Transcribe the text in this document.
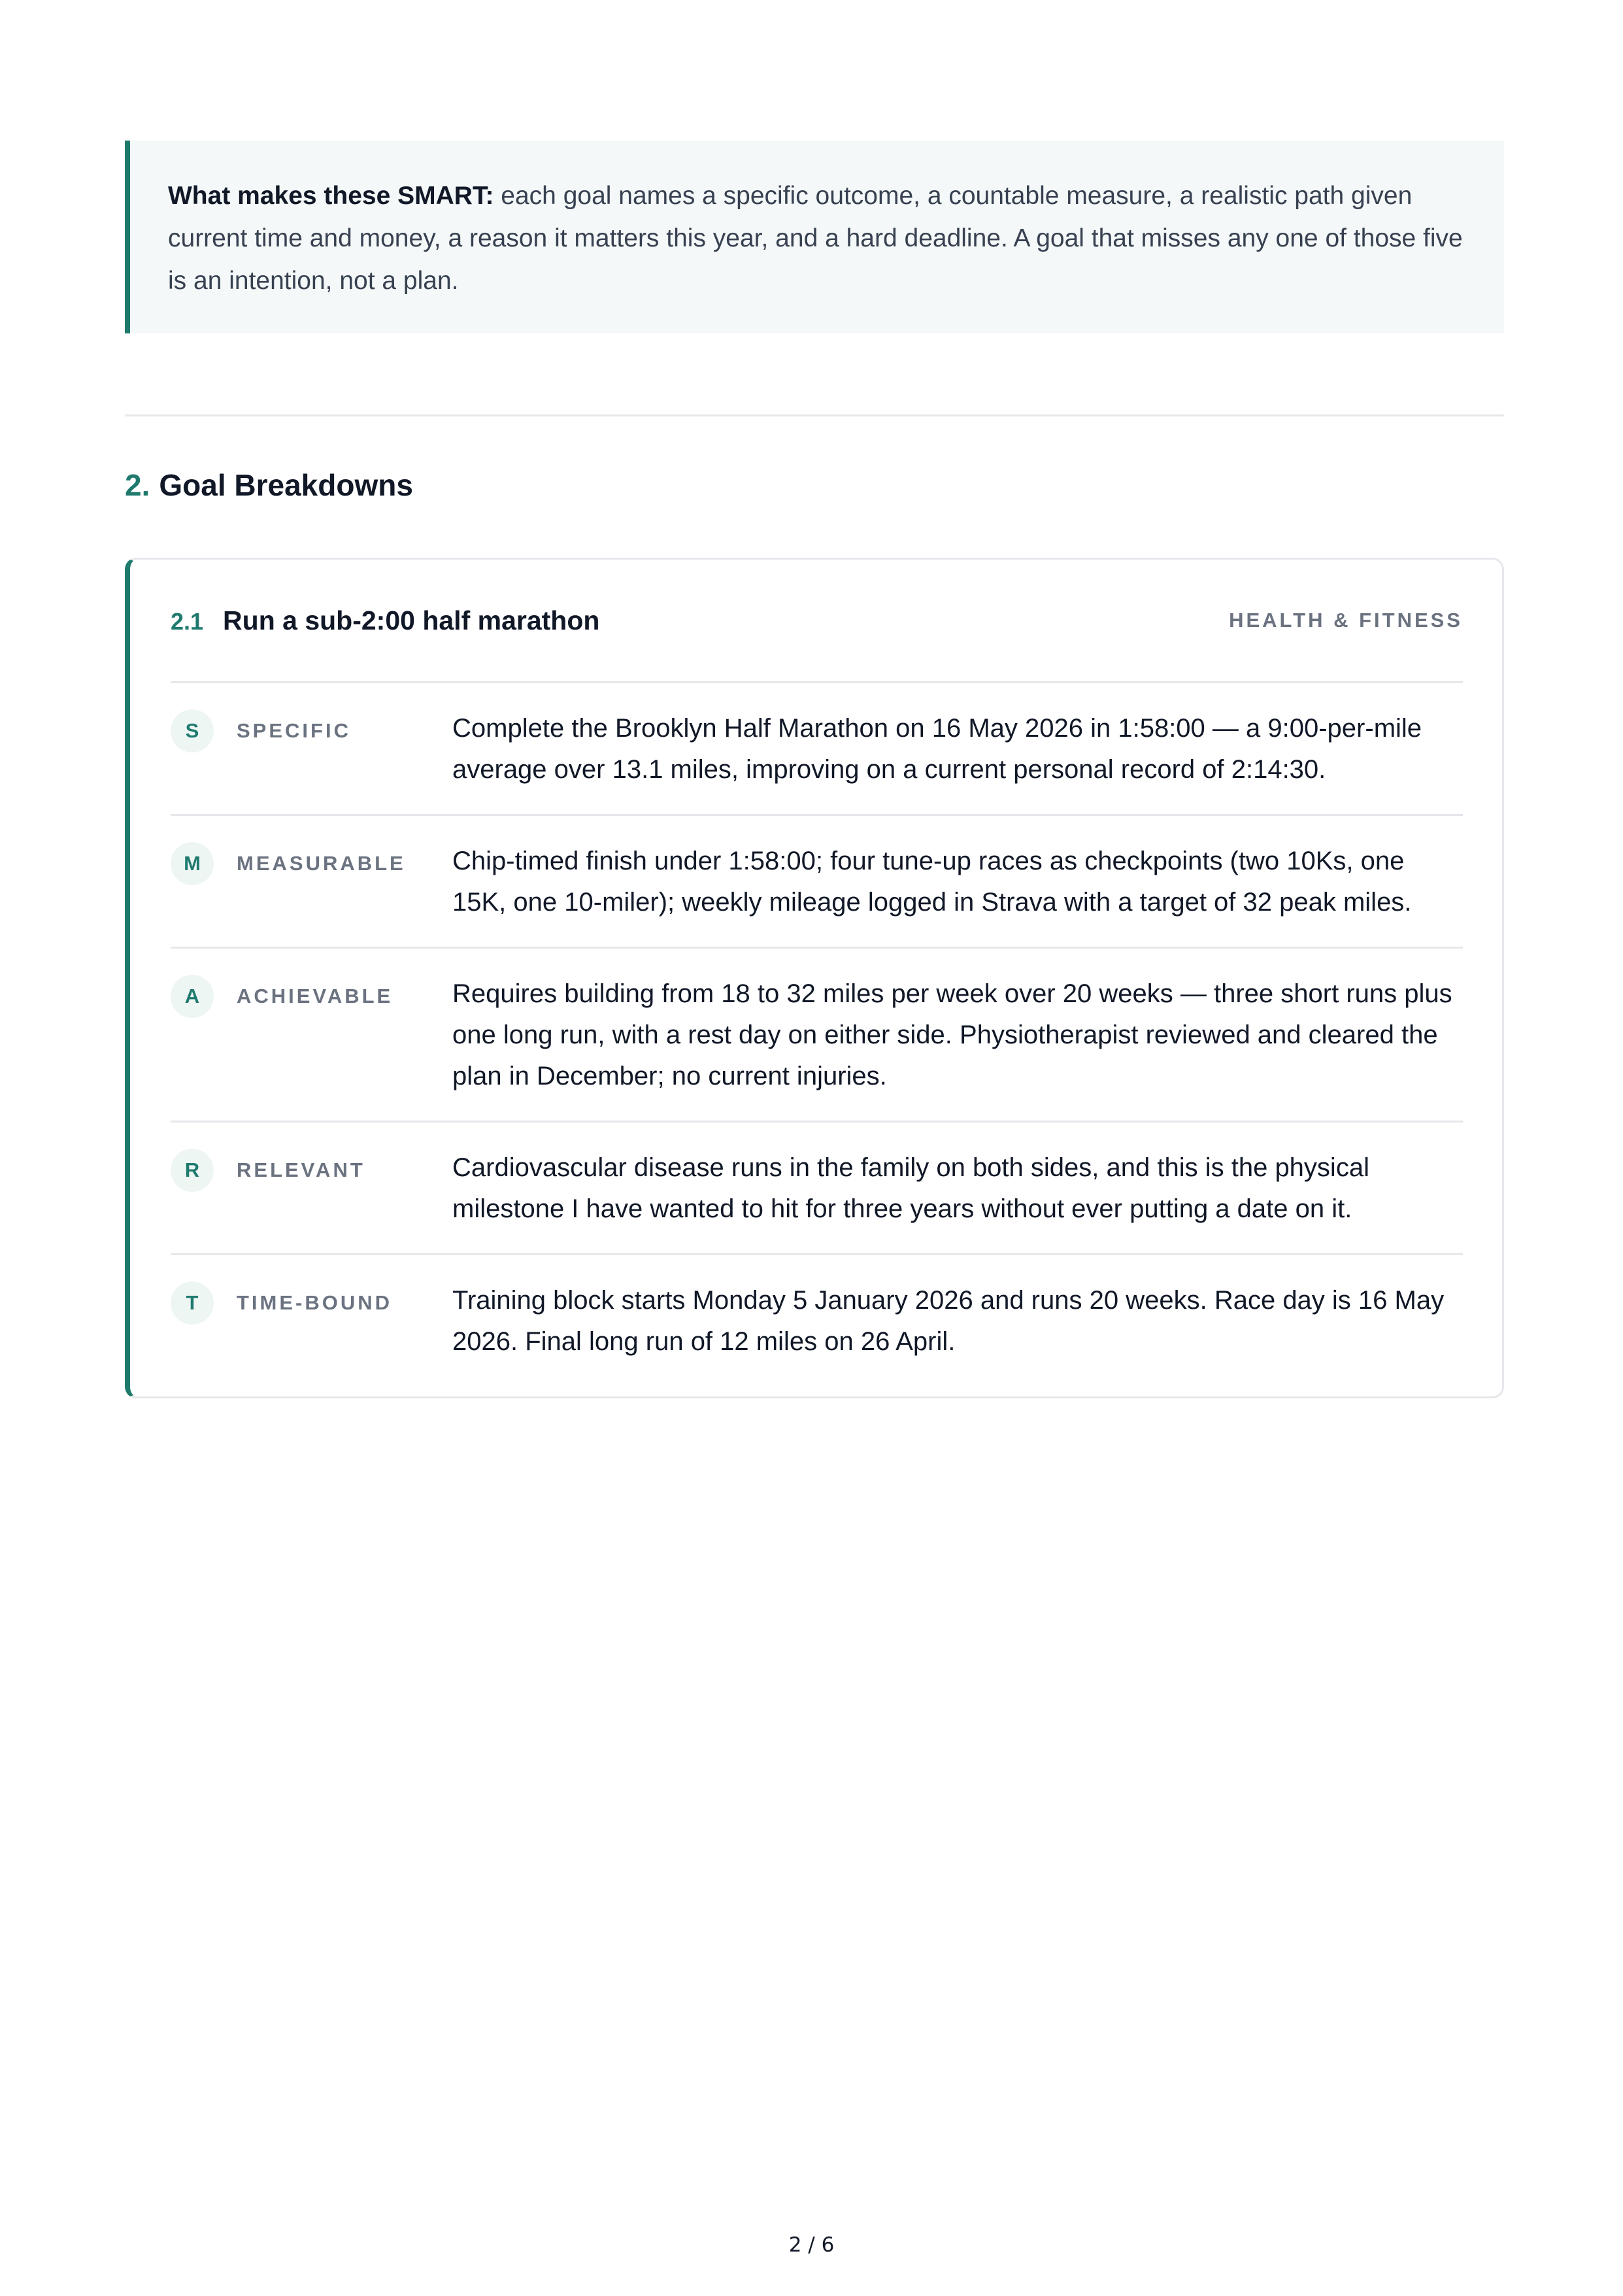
What makes these SMART: each goal names a specific outcome, a countable measure, a realistic path given current time and money, a reason it matters this year, and a hard deadline. A goal that misses any one of those five is an intention, not a plan.
2. Goal Breakdowns
2.1 Run a sub-2:00 half marathon	HEALTH & FITNESS
S	SPECIFIC	Complete the Brooklyn Half Marathon on 16 May 2026 in 1:58:00 — a 9:00-per-mile average over 13.1 miles, improving on a current personal record of 2:14:30.
M	MEASURABLE	Chip-timed finish under 1:58:00; four tune-up races as checkpoints (two 10Ks, one 15K, one 10-miler); weekly mileage logged in Strava with a target of 32 peak miles.
A	ACHIEVABLE	Requires building from 18 to 32 miles per week over 20 weeks — three short runs plus one long run, with a rest day on either side. Physiotherapist reviewed and cleared the plan in December; no current injuries.
R	RELEVANT	Cardiovascular disease runs in the family on both sides, and this is the physical milestone I have wanted to hit for three years without ever putting a date on it.
T	TIME-BOUND	Training block starts Monday 5 January 2026 and runs 20 weeks. Race day is 16 May 2026. Final long run of 12 miles on 26 April.
2 / 6
